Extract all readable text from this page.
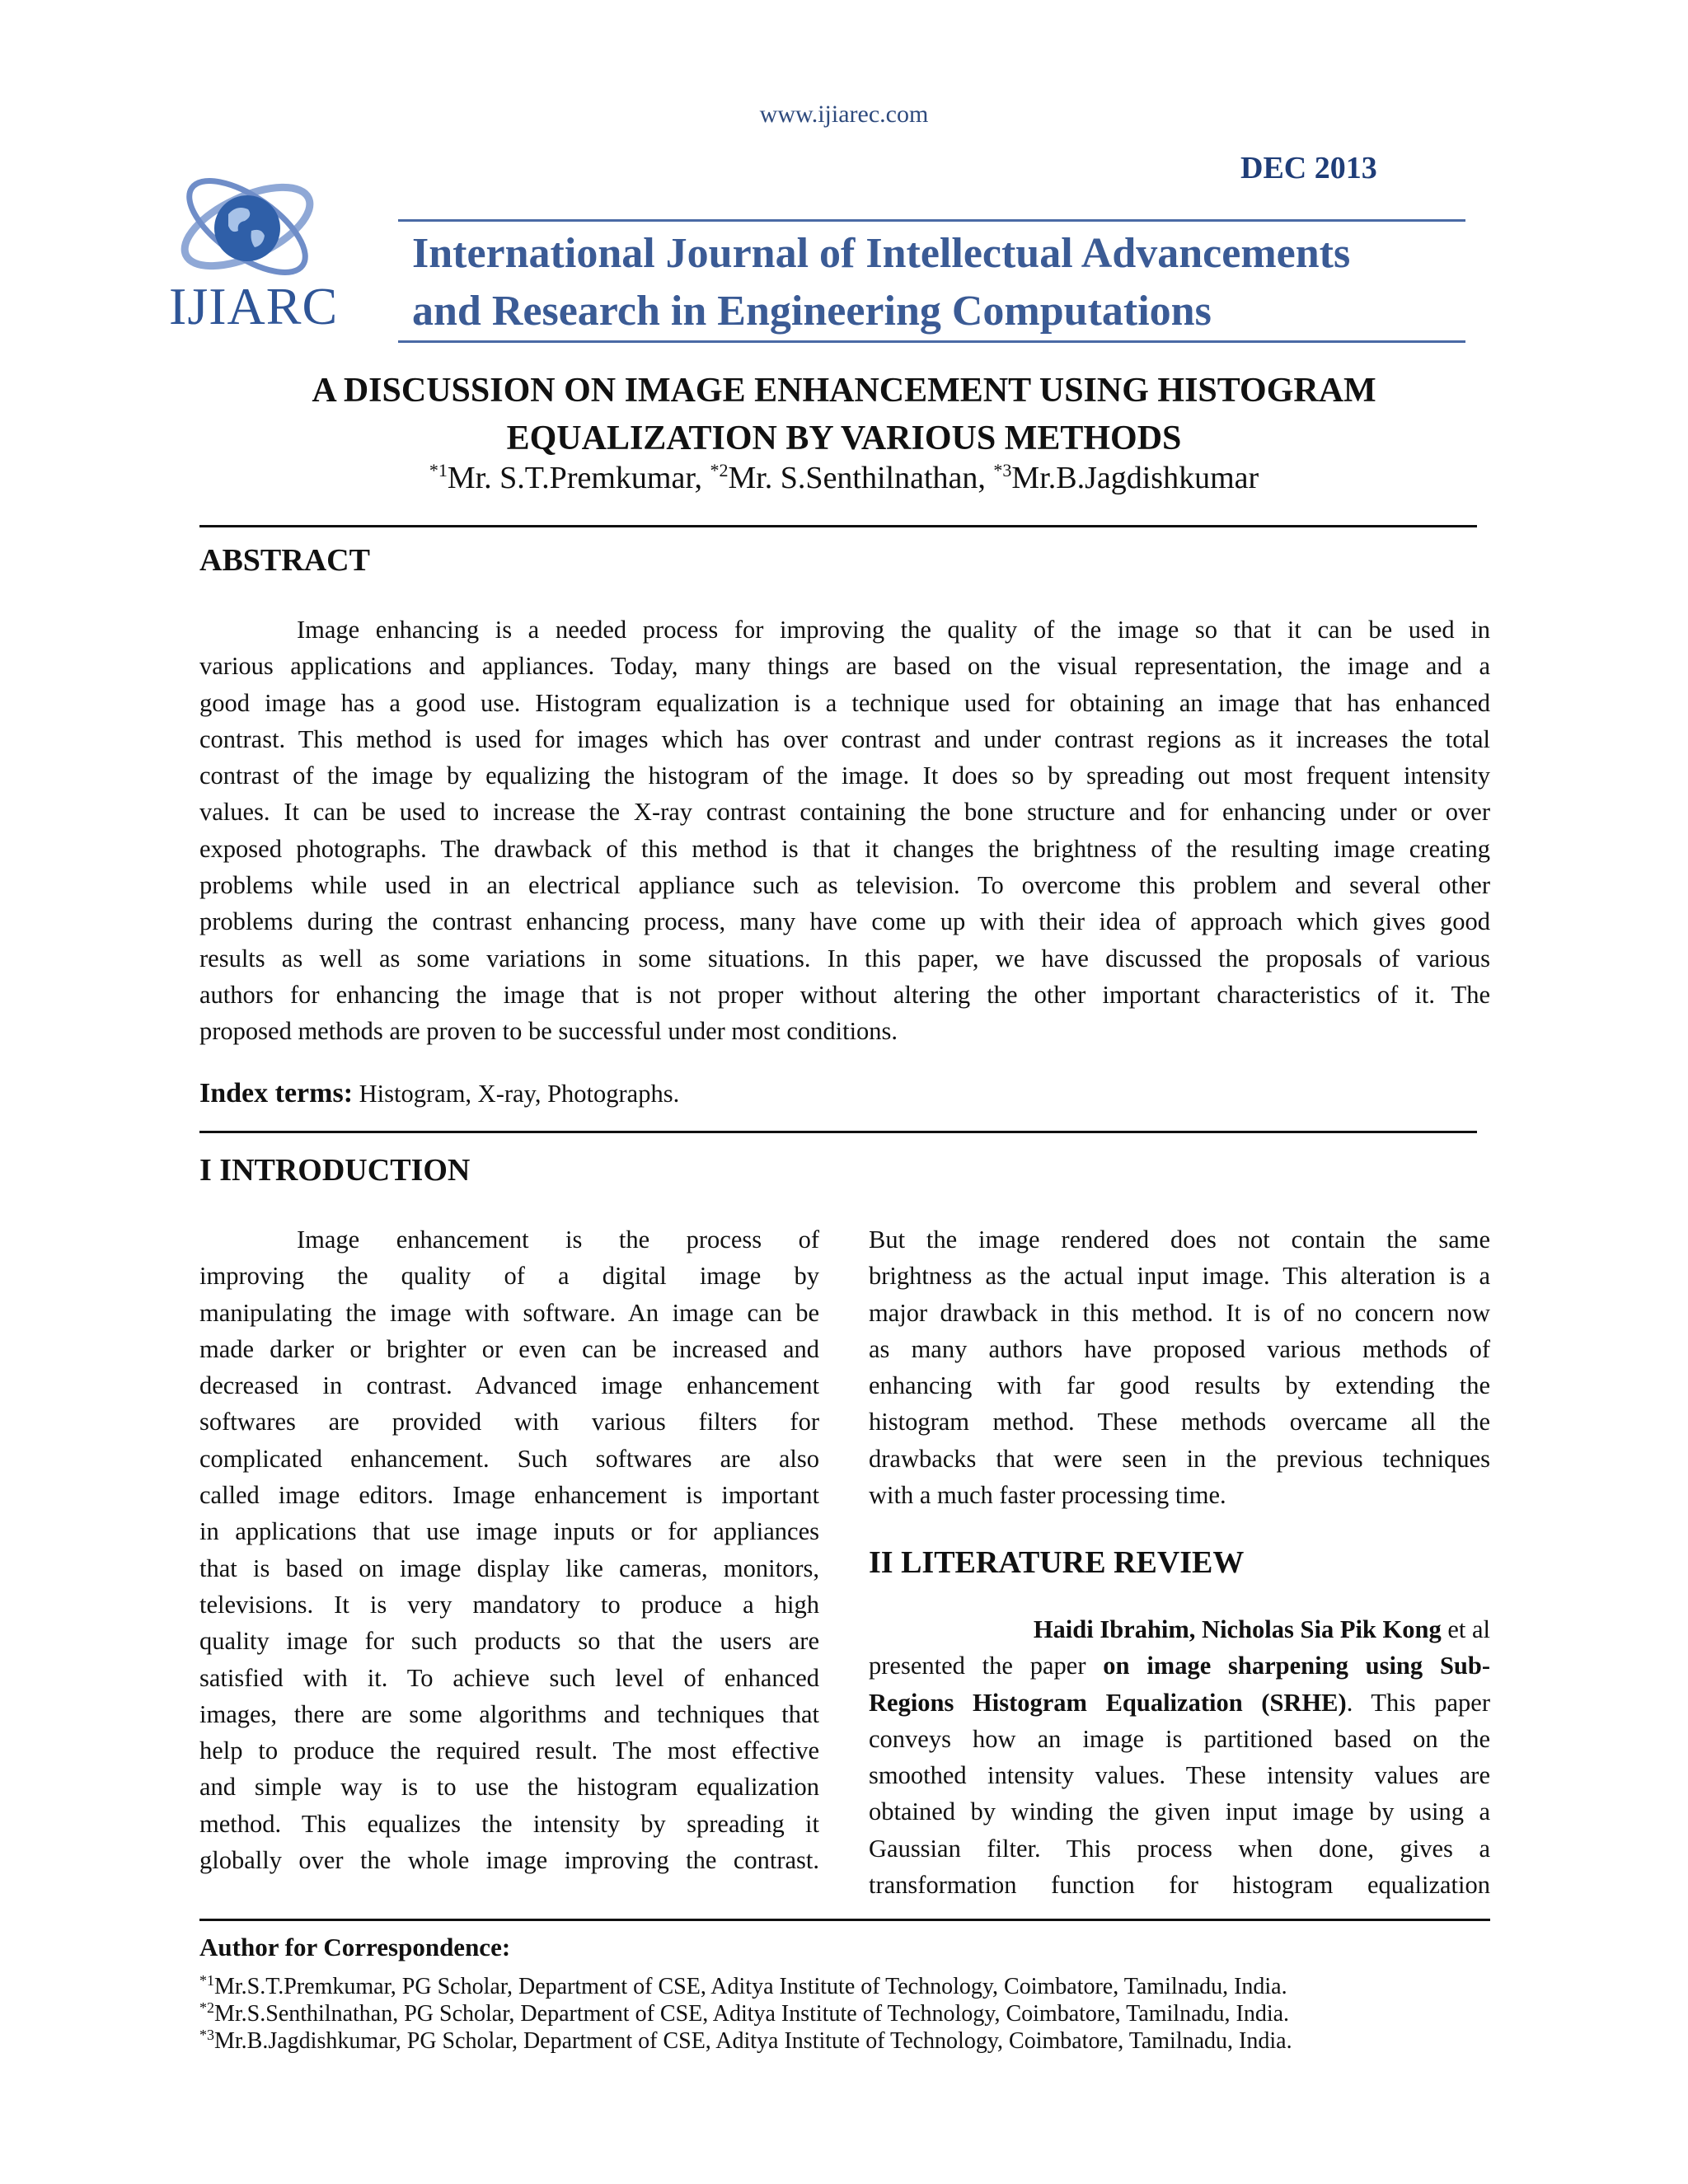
www.ijiarec.com
DEC 2013
IJIARC
International Journal of Intellectual Advancements
and Research in Engineering Computations
A DISCUSSION ON IMAGE ENHANCEMENT USING HISTOGRAM
EQUALIZATION BY VARIOUS METHODS
$^{*1}$Mr. S.T.Premkumar, $^{*2}$Mr. S.Senthilnathan, $^{*3}$Mr.B.Jagdishkumar
ABSTRACT
Image enhancing is a needed process for improving the quality of the image so that it can be used in
various applications and appliances. Today, many things are based on the visual representation, the image and a
good image has a good use. Histogram equalization is a technique used for obtaining an image that has enhanced
contrast. This method is used for images which has over contrast and under contrast regions as it increases the total
contrast of the image by equalizing the histogram of the image. It does so by spreading out most frequent intensity
values. It can be used to increase the X-ray contrast containing the bone structure and for enhancing under or over
exposed photographs. The drawback of this method is that it changes the brightness of the resulting image creating
problems while used in an electrical appliance such as television. To overcome this problem and several other
problems during the contrast enhancing process, many have come up with their idea of approach which gives good
results as well as some variations in some situations. In this paper, we have discussed the proposals of various
authors for enhancing the image that is not proper without altering the other important characteristics of it. The
proposed methods are proven to be successful under most conditions.
Index terms: Histogram, X-ray, Photographs.
I INTRODUCTION
Image enhancement is the process of
improving the quality of a digital image by
manipulating the image with software. An image can be
made darker or brighter or even can be increased and
decreased in contrast. Advanced image enhancement
softwares are provided with various filters for
complicated enhancement. Such softwares are also
called image editors. Image enhancement is important
in applications that use image inputs or for appliances
that is based on image display like cameras, monitors,
televisions. It is very mandatory to produce a high
quality image for such products so that the users are
satisfied with it. To achieve such level of enhanced
images, there are some algorithms and techniques that
help to produce the required result. The most effective
and simple way is to use the histogram equalization
method. This equalizes the intensity by spreading it
globally over the whole image improving the contrast.
But the image rendered does not contain the same
brightness as the actual input image. This alteration is a
major drawback in this method. It is of no concern now
as many authors have proposed various methods of
enhancing with far good results by extending the
histogram method. These methods overcame all the
drawbacks that were seen in the previous techniques
with a much faster processing time.
II LITERATURE REVIEW
Haidi Ibrahim, Nicholas Sia Pik Kong et al
presented the paper on image sharpening using Sub-
Regions Histogram Equalization (SRHE). This paper
conveys how an image is partitioned based on the
smoothed intensity values. These intensity values are
obtained by winding the given input image by using a
Gaussian filter. This process when done, gives a
transformation function for histogram equalization
Author for Correspondence:
$^{*1}$Mr.S.T.Premkumar, PG Scholar, Department of CSE, Aditya Institute of Technology, Coimbatore, Tamilnadu, India.
$^{*2}$Mr.S.Senthilnathan, PG Scholar, Department of CSE, Aditya Institute of Technology, Coimbatore, Tamilnadu, India.
$^{*3}$Mr.B.Jagdishkumar, PG Scholar, Department of CSE, Aditya Institute of Technology, Coimbatore, Tamilnadu, India.
